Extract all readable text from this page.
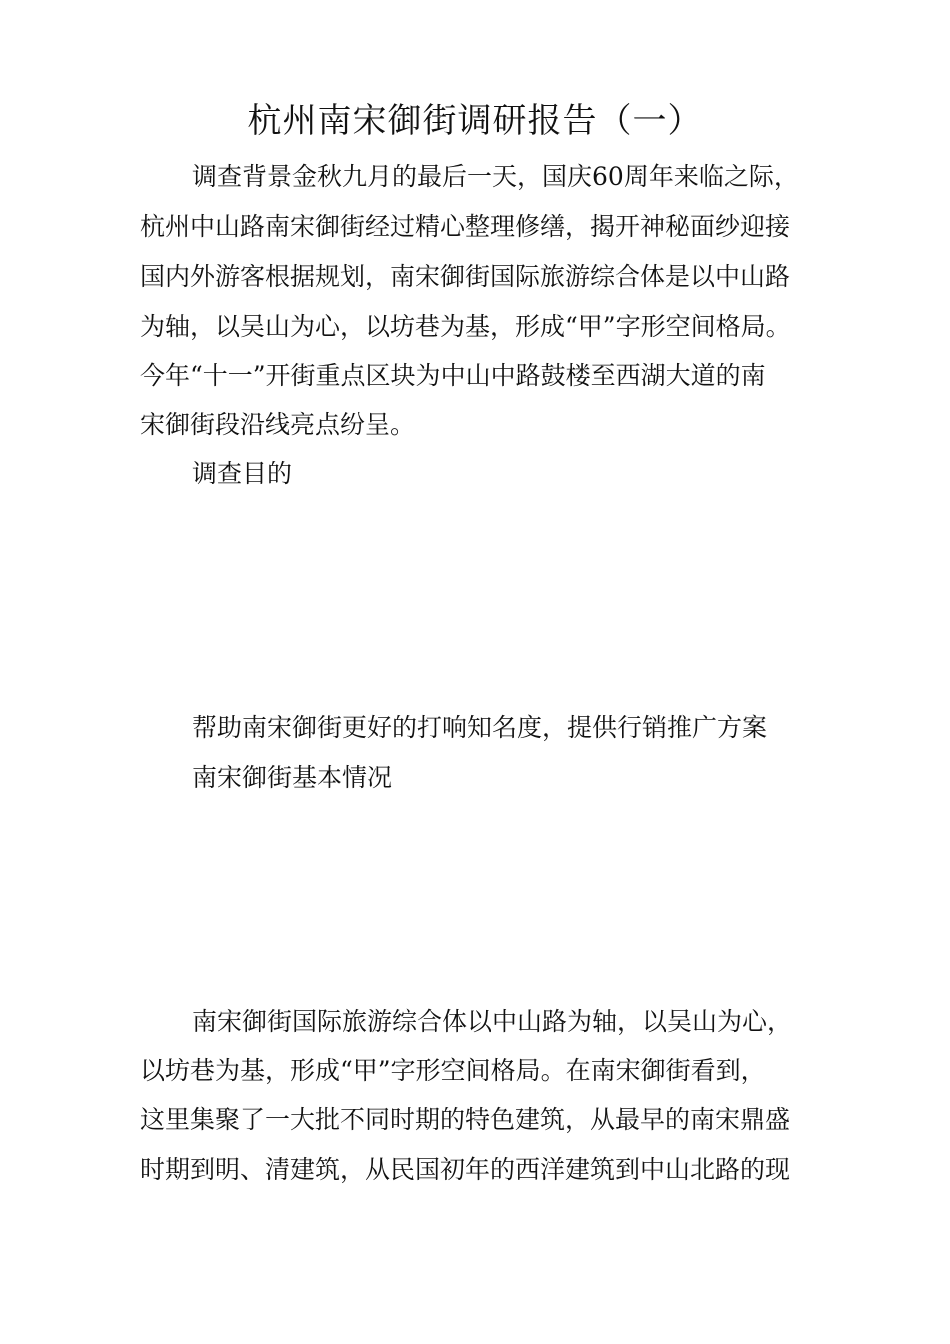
杭州南宋御街调研报告（一）
调查背景金秋九月的最后一天，国庆60周年来临之际，
杭州中山路南宋御街经过精心整理修缮，揭开神秘面纱迎接
国内外游客根据规划，南宋御街国际旅游综合体是以中山路
为轴，以吴山为心，以坊巷为基，形成“甲”字形空间格局。
今年“十一”开街重点区块为中山中路鼓楼至西湖大道的南
宋御街段沿线亮点纷呈。
调查目的
帮助南宋御街更好的打响知名度，提供行销推广方案
南宋御街基本情况
南宋御街国际旅游综合体以中山路为轴，以吴山为心，
以坊巷为基，形成“甲”字形空间格局。在南宋御街看到，
这里集聚了一大批不同时期的特色建筑，从最早的南宋鼎盛
时期到明、清建筑，从民国初年的西洋建筑到中山北路的现
